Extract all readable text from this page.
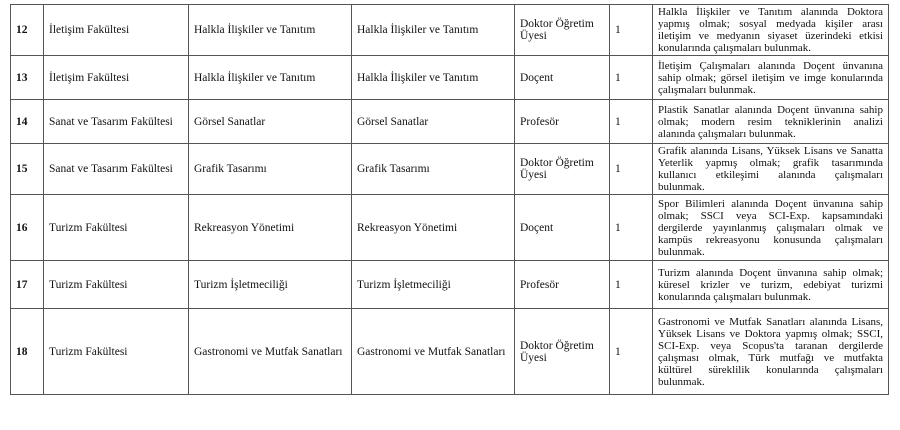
12	İletişim Fakültesi	Halkla İlişkiler ve Tanıtım	Halkla İlişkiler ve Tanıtım	Doktor Öğretim Üyesi	1	Halkla İlişkiler ve Tanıtım alanında Doktora yapmış olmak; sosyal medyada kişiler arası iletişim ve medyanın siyaset üzerindeki etkisi konularında çalışmaları bulunmak.
13	İletişim Fakültesi	Halkla İlişkiler ve Tanıtım	Halkla İlişkiler ve Tanıtım	Doçent	1	İletişim Çalışmaları alanında Doçent ünvanına sahip olmak; görsel iletişim ve imge konularında çalışmaları bulunmak.
14	Sanat ve Tasarım Fakültesi	Görsel Sanatlar	Görsel Sanatlar	Profesör	1	Plastik Sanatlar alanında Doçent ünvanına sahip olmak; modern resim tekniklerinin analizi alanında çalışmaları bulunmak.
15	Sanat ve Tasarım Fakültesi	Grafik Tasarımı	Grafik Tasarımı	Doktor Öğretim Üyesi	1	Grafik alanında Lisans, Yüksek Lisans ve Sanatta Yeterlik yapmış olmak; grafik tasarımında kullanıcı etkileşimi alanında çalışmaları bulunmak.
16	Turizm Fakültesi	Rekreasyon Yönetimi	Rekreasyon Yönetimi	Doçent	1	Spor Bilimleri alanında Doçent ünvanına sahip olmak; SSCI veya SCI-Exp. kapsamındaki dergilerde yayınlanmış çalışmaları olmak ve kampüs rekreasyonu konusunda çalışmaları bulunmak.
17	Turizm Fakültesi	Turizm İşletmeciliği	Turizm İşletmeciliği	Profesör	1	Turizm alanında Doçent ünvanına sahip olmak; küresel krizler ve turizm, edebiyat turizmi konularında çalışmaları bulunmak.
18	Turizm Fakültesi	Gastronomi ve Mutfak Sanatları	Gastronomi ve Mutfak Sanatları	Doktor Öğretim Üyesi	1	Gastronomi ve Mutfak Sanatları alanında Lisans, Yüksek Lisans ve Doktora yapmış olmak; SSCI, SCI-Exp. veya Scopus'ta taranan dergilerde çalışması olmak, Türk mutfağı ve mutfakta kültürel süreklilik konularında çalışmaları bulunmak.
